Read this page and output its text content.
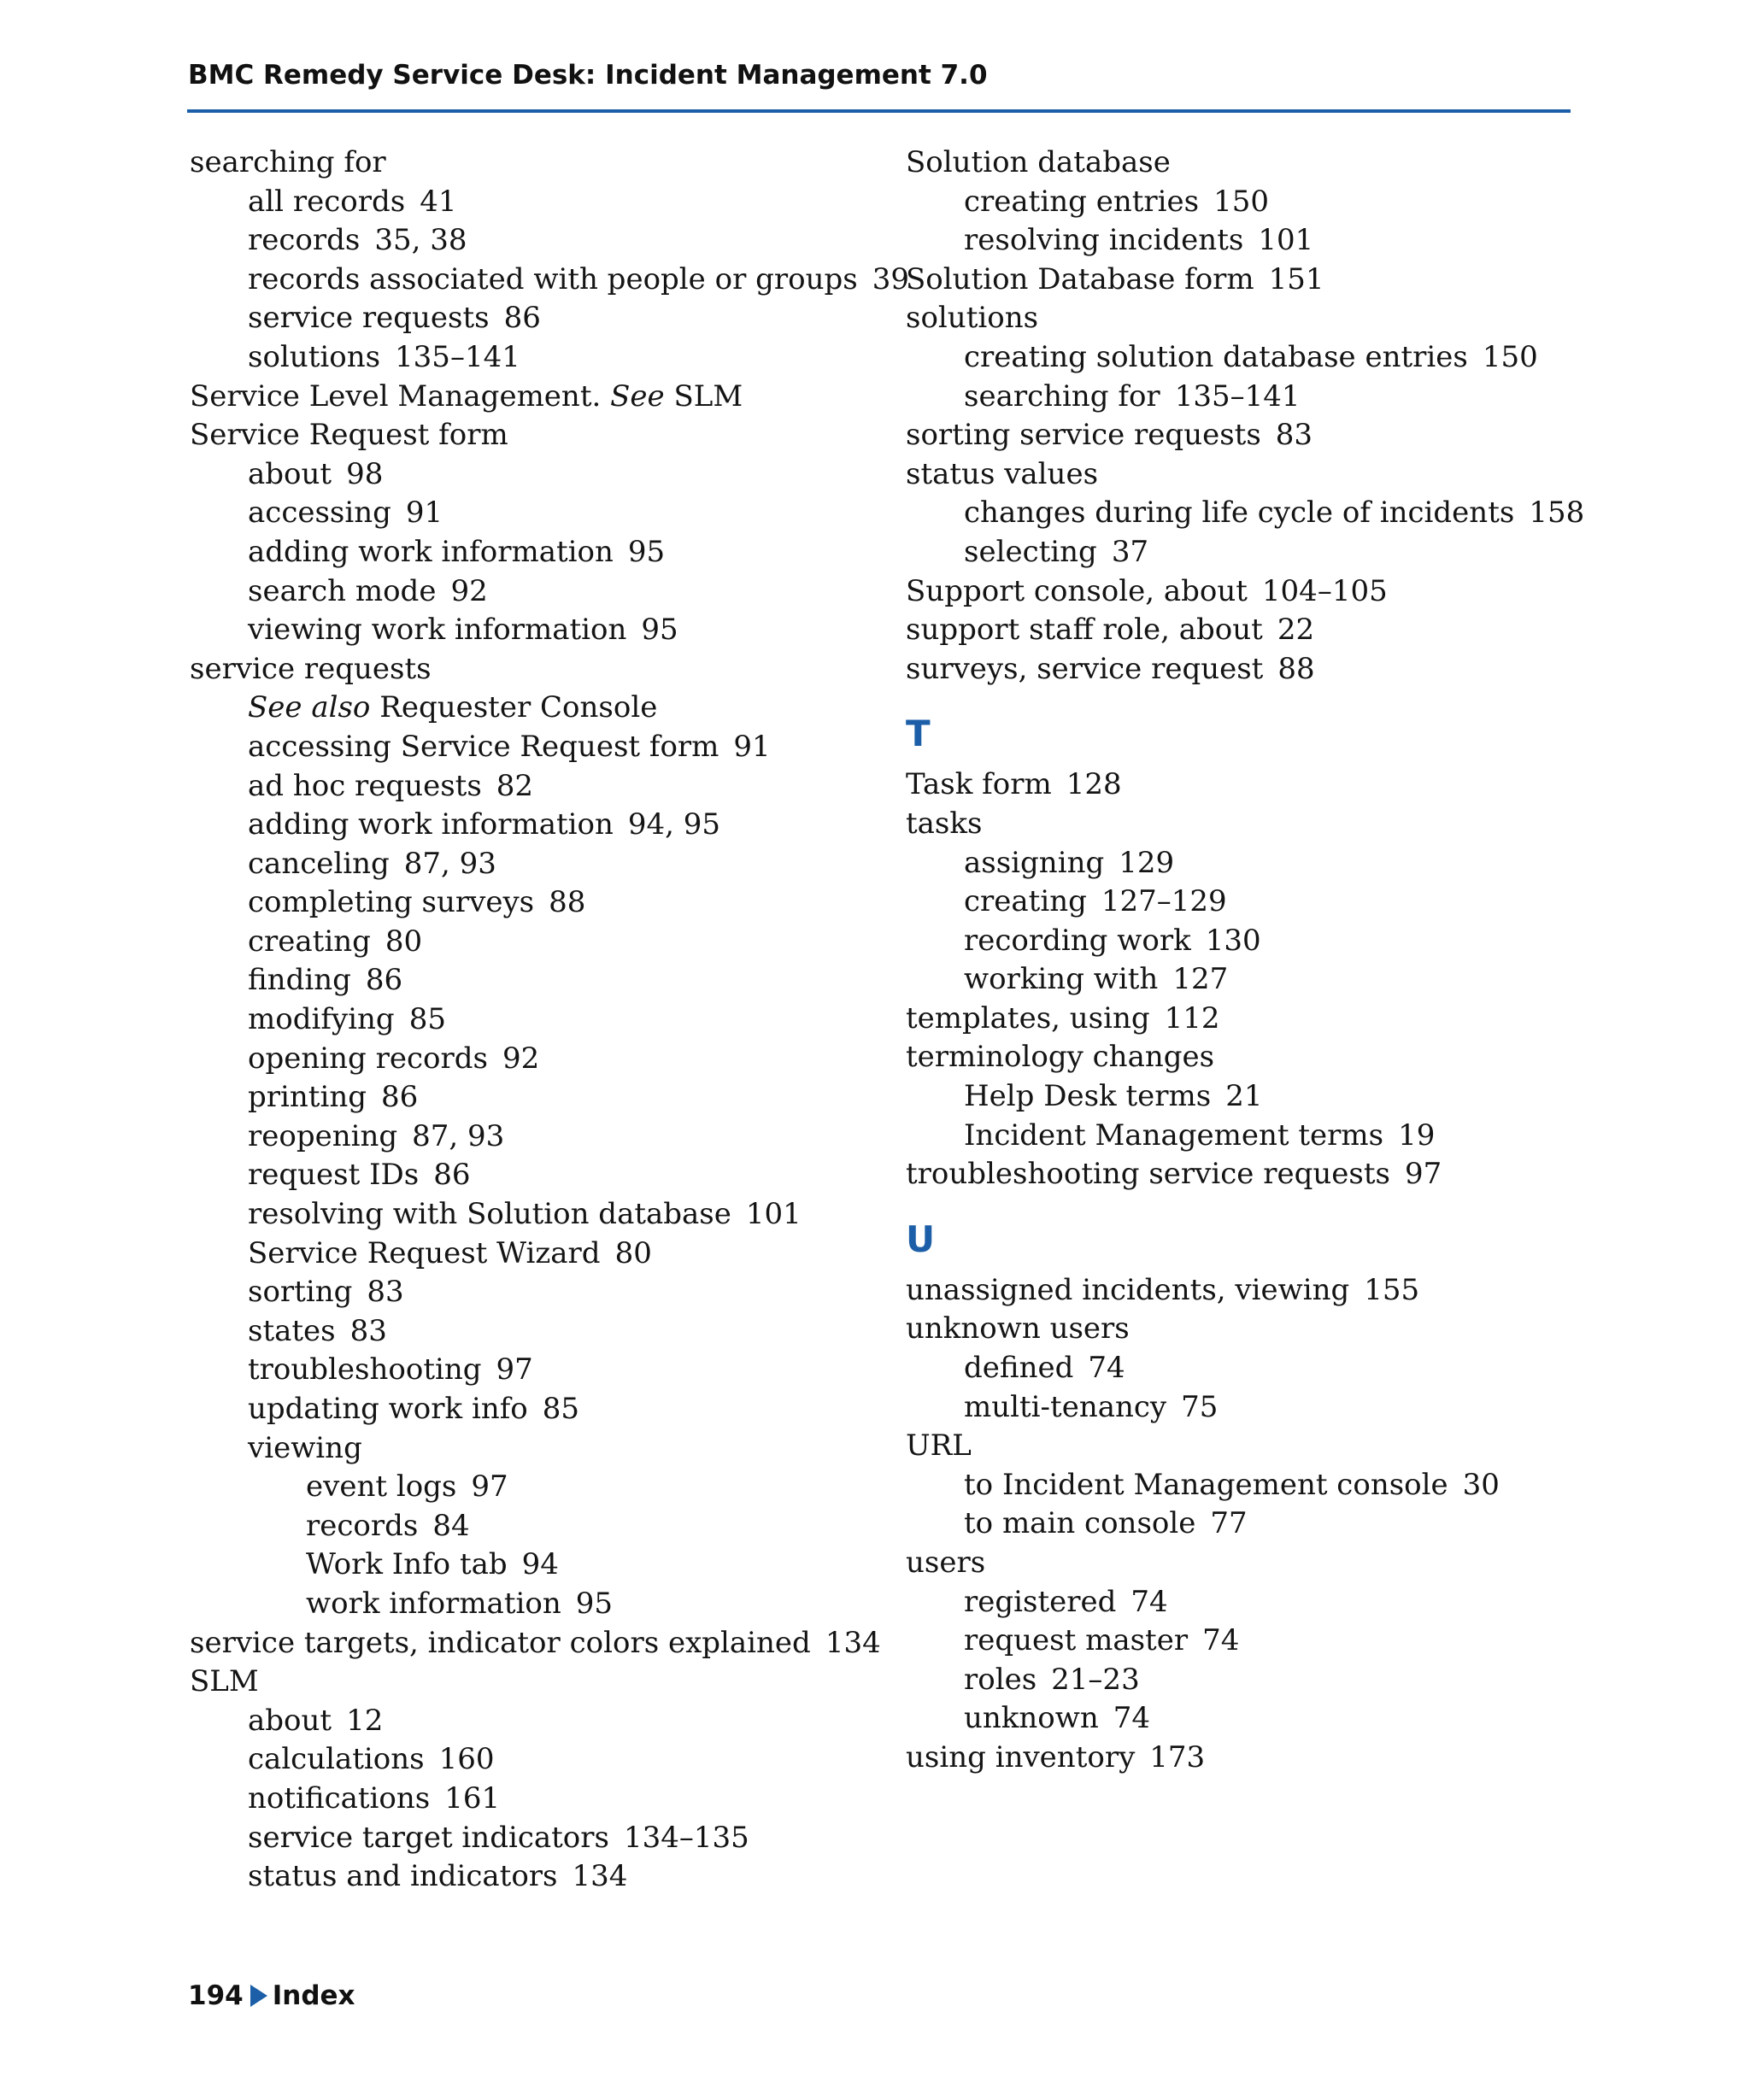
BMC Remedy Service Desk: Incident Management 7.0
searching for
all records 41
records 35, 38
records associated with people or groups 39
service requests 86
solutions 135–141
Service Level Management. See SLM
Service Request form
about 98
accessing 91
adding work information 95
search mode 92
viewing work information 95
service requests
See also Requester Console
accessing Service Request form 91
ad hoc requests 82
adding work information 94, 95
canceling 87, 93
completing surveys 88
creating 80
finding 86
modifying 85
opening records 92
printing 86
reopening 87, 93
request IDs 86
resolving with Solution database 101
Service Request Wizard 80
sorting 83
states 83
troubleshooting 97
updating work info 85
viewing
event logs 97
records 84
Work Info tab 94
work information 95
service targets, indicator colors explained 134
SLM
about 12
calculations 160
notifications 161
service target indicators 134–135
status and indicators 134
Solution database
creating entries 150
resolving incidents 101
Solution Database form 151
solutions
creating solution database entries 150
searching for 135–141
sorting service requests 83
status values
changes during life cycle of incidents 158
selecting 37
Support console, about 104–105
support staff role, about 22
surveys, service request 88
T
Task form 128
tasks
assigning 129
creating 127–129
recording work 130
working with 127
templates, using 112
terminology changes
Help Desk terms 21
Incident Management terms 19
troubleshooting service requests 97
U
unassigned incidents, viewing 155
unknown users
defined 74
multi-tenancy 75
URL
to Incident Management console 30
to main console 77
users
registered 74
request master 74
roles 21–23
unknown 74
using inventory 173
194 Index
